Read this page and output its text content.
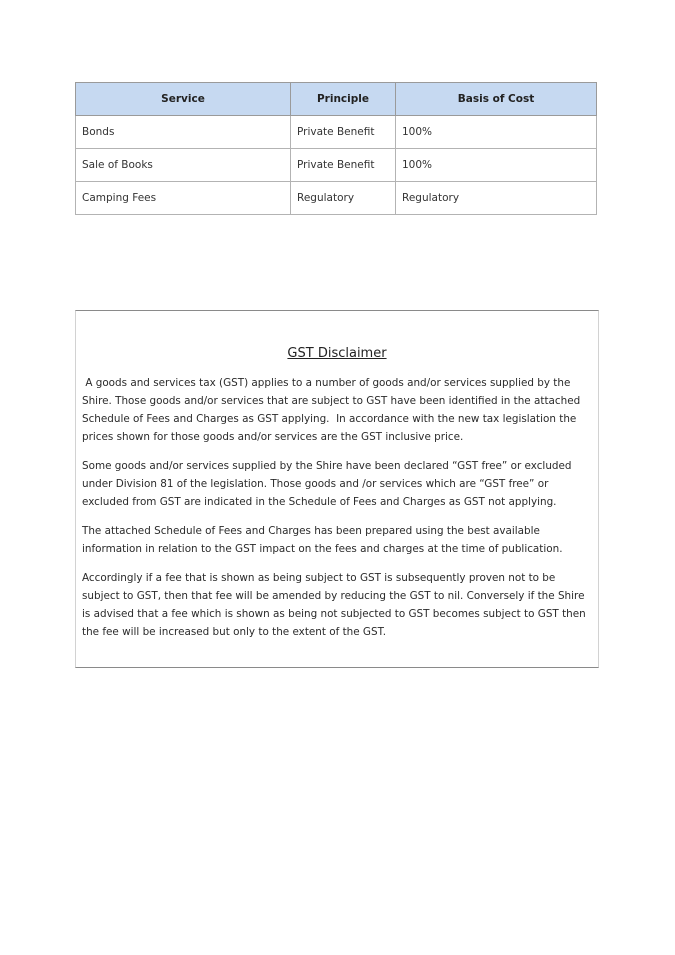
Service	Principle	Basis of Cost
Bonds	Private Benefit	100%
Sale of Books	Private Benefit	100%
Camping Fees	Regulatory	Regulatory
GST Disclaimer

A goods and services tax (GST) applies to a number of goods and/or services supplied by the Shire. Those goods and/or services that are subject to GST have been identified in the attached Schedule of Fees and Charges as GST applying.  In accordance with the new tax legislation the prices shown for those goods and/or services are the GST inclusive price.

Some goods and/or services supplied by the Shire have been declared “GST free” or excluded under Division 81 of the legislation. Those goods and /or services which are “GST free” or excluded from GST are indicated in the Schedule of Fees and Charges as GST not applying.

The attached Schedule of Fees and Charges has been prepared using the best available information in relation to the GST impact on the fees and charges at the time of publication.

Accordingly if a fee that is shown as being subject to GST is subsequently proven not to be subject to GST, then that fee will be amended by reducing the GST to nil. Conversely if the Shire is advised that a fee which is shown as being not subjected to GST becomes subject to GST then the fee will be increased but only to the extent of the GST.
